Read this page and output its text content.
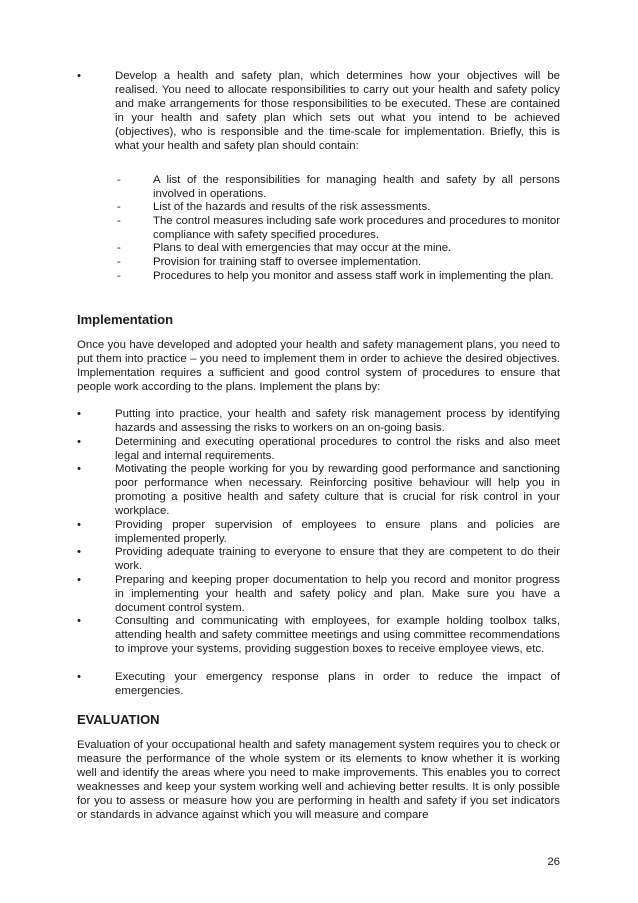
•	Develop a health and safety plan, which determines how your objectives will be realised. You need to allocate responsibilities to carry out your health and safety policy and make arrangements for those responsibilities to be executed. These are contained in your health and safety plan which sets out what you intend to be achieved (objectives), who is responsible and the time-scale for implementation. Briefly, this is what your health and safety plan should contain:
-	A list of the responsibilities for managing health and safety by all persons involved in operations.
-	List of the hazards and results of the risk assessments.
-	The control measures including safe work procedures and procedures to monitor compliance with safety specified procedures.
-	Plans to deal with emergencies that may occur at the mine.
-	Provision for training staff to oversee implementation.
-	Procedures to help you monitor and assess staff work in implementing the plan.
Implementation

Once you have developed and adopted your health and safety management plans, you need to put them into practice – you need to implement them in order to achieve the desired objectives. Implementation requires a sufficient and good control system of procedures to ensure that people work according to the plans. Implement the plans by:

•	Putting into practice, your health and safety risk management process by identifying hazards and assessing the risks to workers on an on-going basis.
•	Determining and executing operational procedures to control the risks and also meet legal and internal requirements.
•	Motivating the people working for you by rewarding good performance and sanctioning poor performance when necessary. Reinforcing positive behaviour will help you in promoting a positive health and safety culture that is crucial for risk control in your workplace.
•	Providing proper supervision of employees to ensure plans and policies are implemented properly.
•	Providing adequate training to everyone to ensure that they are competent to do their work.
•	Preparing and keeping proper documentation to help you record and monitor progress in implementing your health and safety policy and plan. Make sure you have a document control system.
•	Consulting and communicating with employees, for example holding toolbox talks, attending health and safety committee meetings and using committee recommendations to improve your systems, providing suggestion boxes to receive employee views, etc.
•	Executing your emergency response plans in order to reduce the impact of emergencies.
EVALUATION

Evaluation of your occupational health and safety management system requires you to check or measure the performance of the whole system or its elements to know whether it is working well and identify the areas where you need to make improvements. This enables you to correct weaknesses and keep your system working well and achieving better results. It is only possible for you to assess or measure how you are performing in health and safety if you set indicators or standards in advance against which you will measure and compare

26
